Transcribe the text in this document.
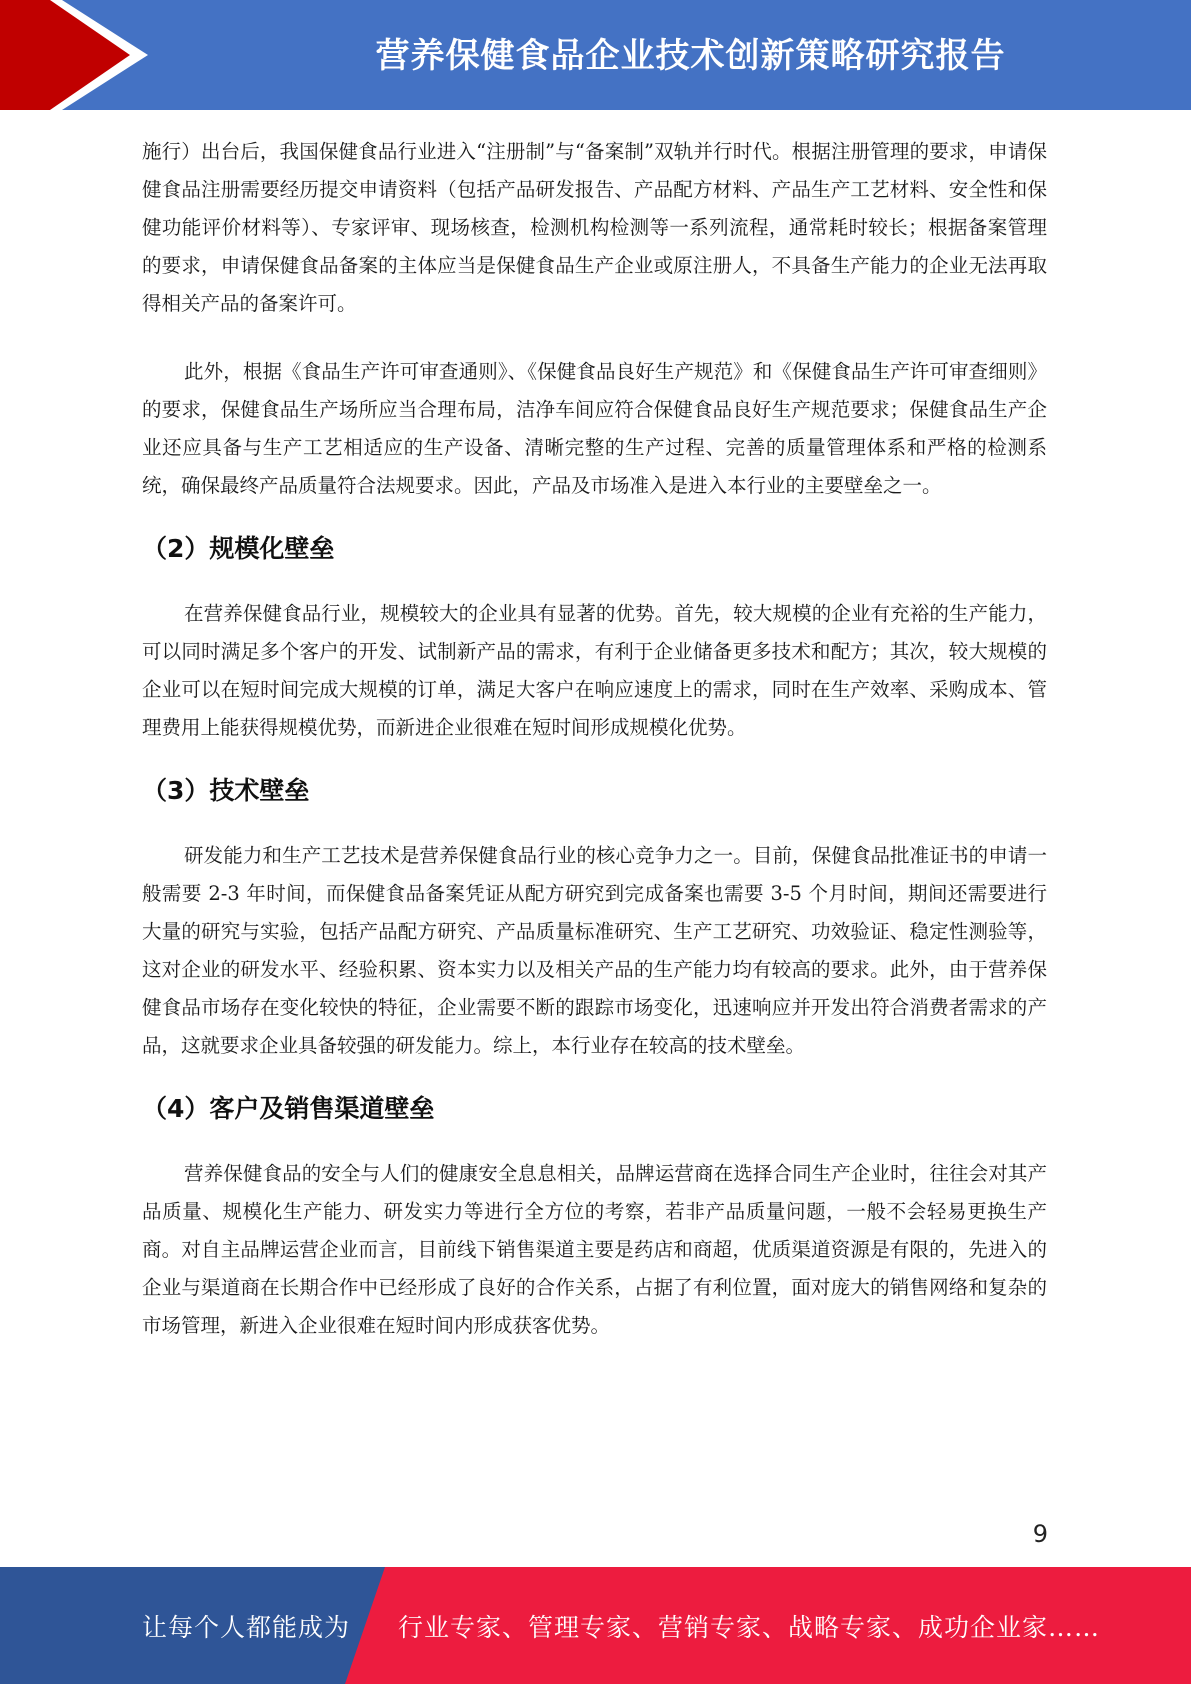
营养保健食品企业技术创新策略研究报告

施行）出台后，我国保健食品行业进入“注册制”与“备案制”双轨并行时代。根据注册管理的要求，申请保健食品注册需要经历提交申请资料（包括产品研发报告、产品配方材料、产品生产工艺材料、安全性和保健功能评价材料等）、专家评审、现场核查，检测机构检测等一系列流程，通常耗时较长；根据备案管理的要求，申请保健食品备案的主体应当是保健食品生产企业或原注册人，不具备生产能力的企业无法再取得相关产品的备案许可。

此外，根据《食品生产许可审查通则》、《保健食品良好生产规范》和《保健食品生产许可审查细则》的要求，保健食品生产场所应当合理布局，洁净车间应符合保健食品良好生产规范要求；保健食品生产企业还应具备与生产工艺相适应的生产设备、清晰完整的生产过程、完善的质量管理体系和严格的检测系统，确保最终产品质量符合法规要求。因此，产品及市场准入是进入本行业的主要壁垒之一。

（2）规模化壁垒

在营养保健食品行业，规模较大的企业具有显著的优势。首先，较大规模的企业有充裕的生产能力，可以同时满足多个客户的开发、试制新产品的需求，有利于企业储备更多技术和配方；其次，较大规模的企业可以在短时间完成大规模的订单，满足大客户在响应速度上的需求，同时在生产效率、采购成本、管理费用上能获得规模优势，而新进企业很难在短时间形成规模化优势。

（3）技术壁垒

研发能力和生产工艺技术是营养保健食品行业的核心竞争力之一。目前，保健食品批准证书的申请一般需要 2-3 年时间，而保健食品备案凭证从配方研究到完成备案也需要 3-5 个月时间，期间还需要进行大量的研究与实验，包括产品配方研究、产品质量标准研究、生产工艺研究、功效验证、稳定性测验等，这对企业的研发水平、经验积累、资本实力以及相关产品的生产能力均有较高的要求。此外，由于营养保健食品市场存在变化较快的特征，企业需要不断的跟踪市场变化，迅速响应并开发出符合消费者需求的产品，这就要求企业具备较强的研发能力。综上，本行业存在较高的技术壁垒。

（4）客户及销售渠道壁垒

营养保健食品的安全与人们的健康安全息息相关，品牌运营商在选择合同生产企业时，往往会对其产品质量、规模化生产能力、研发实力等进行全方位的考察，若非产品质量问题，一般不会轻易更换生产商。对自主品牌运营企业而言，目前线下销售渠道主要是药店和商超，优质渠道资源是有限的，先进入的企业与渠道商在长期合作中已经形成了良好的合作关系，占据了有利位置，面对庞大的销售网络和复杂的市场管理，新进入企业很难在短时间内形成获客优势。

9
让每个人都能成为 行业专家、管理专家、营销专家、战略专家、成功企业家……
